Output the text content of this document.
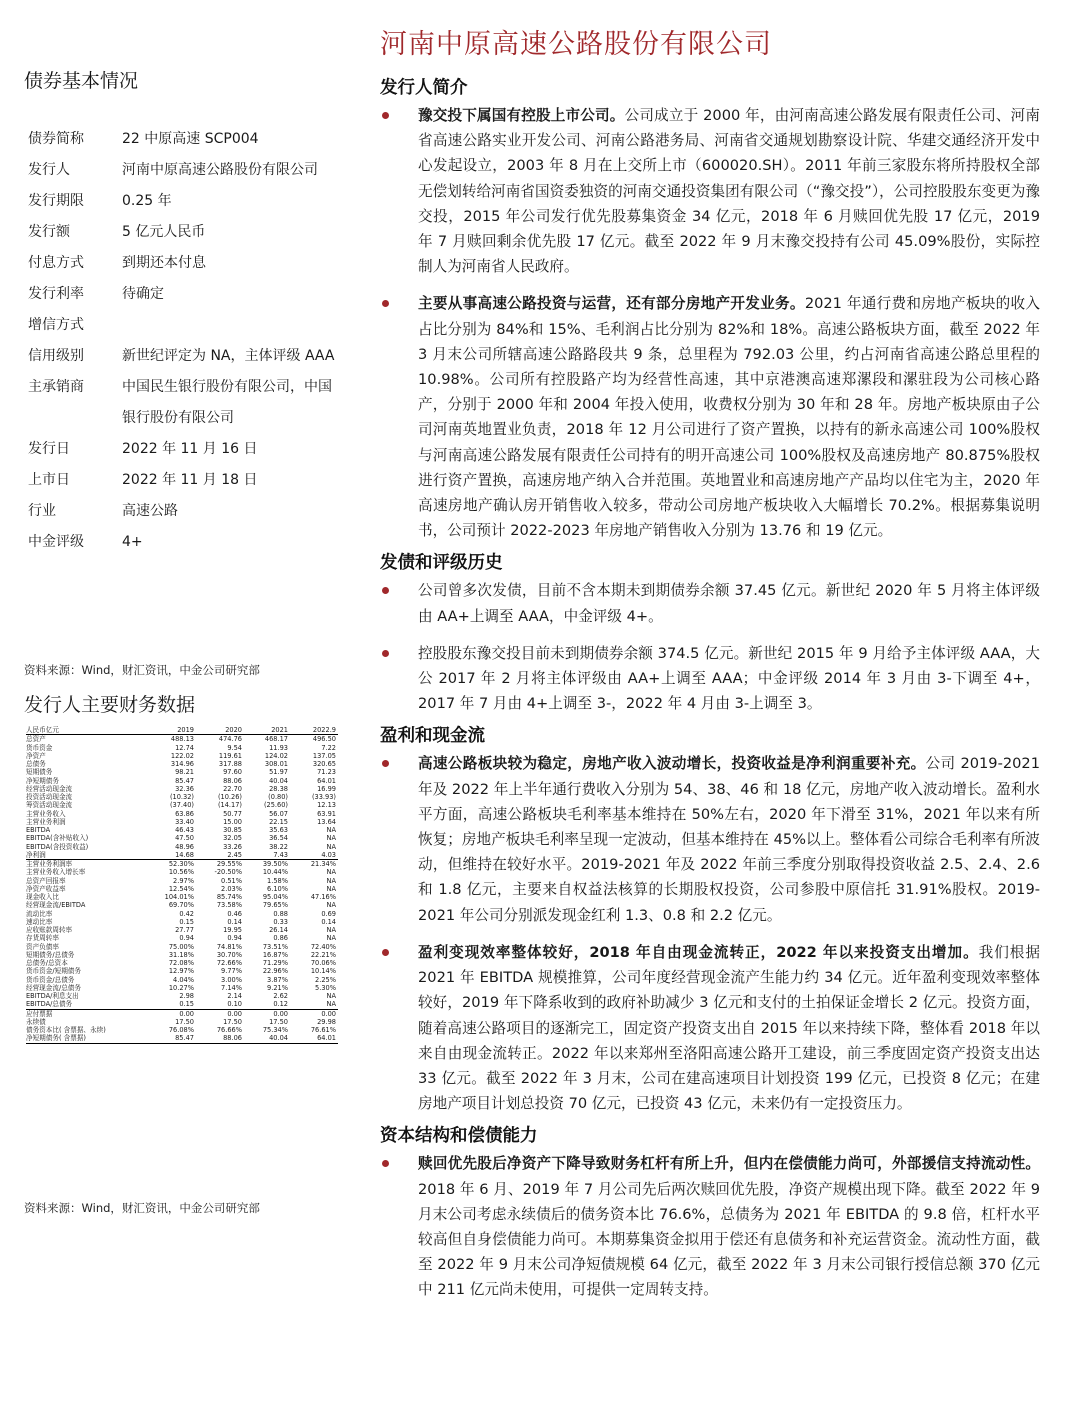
河南中原高速公路股份有限公司
债券基本情况
债券简称	22 中原高速 SCP004
发行人	河南中原高速公路股份有限公司
发行期限	0.25 年
发行额	5 亿元人民币
付息方式	到期还本付息
发行利率	待确定
增信方式	
信用级别	新世纪评定为 NA，主体评级 AAA
主承销商	中国民生银行股份有限公司，中国银行股份有限公司
发行日	2022 年 11 月 16 日
上市日	2022 年 11 月 18 日
行业	高速公路
中金评级	4+
资料来源：Wind，财汇资讯，中金公司研究部
发行人主要财务数据
人民币亿元	2019	2020	2021	2022.9
总资产	488.13	474.76	468.17	496.50
货币资金	12.74	9.54	11.93	7.22
净资产	122.02	119.61	124.02	137.05
总债务	314.96	317.88	308.01	320.65
短期债务	98.21	97.60	51.97	71.23
净短期债务	85.47	88.06	40.04	64.01
经营活动现金流	32.36	22.70	28.38	16.99
投资活动现金流	(10.32)	(10.26)	(0.80)	(33.93)
筹资活动现金流	(37.40)	(14.17)	(25.60)	12.13
主营业务收入	63.86	50.77	56.07	63.91
主营业务利润	33.40	15.00	22.15	13.64
EBITDA	46.43	30.85	35.63	NA
EBITDA(含补贴收入)	47.50	32.05	36.54	NA
EBITDA(含投资收益)	48.96	33.26	38.22	NA
净利润	14.68	2.45	7.43	4.03
主营业务利润率	52.30%	29.55%	39.50%	21.34%
主营业务收入增长率	10.56%	-20.50%	10.44%	NA
总资产回报率	2.97%	0.51%	1.58%	NA
净资产收益率	12.54%	2.03%	6.10%	NA
现金收入比	104.01%	85.74%	95.04%	47.16%
经营现金流/EBITDA	69.70%	73.58%	79.65%	NA
流动比率	0.42	0.46	0.88	0.69
速动比率	0.15	0.14	0.33	0.14
应收账款周转率	27.77	19.95	26.14	NA
存货周转率	0.94	0.94	0.86	NA
资产负债率	75.00%	74.81%	73.51%	72.40%
短期债务/总债务	31.18%	30.70%	16.87%	22.21%
总债务/总资本	72.08%	72.66%	71.29%	70.06%
货币资金/短期债务	12.97%	9.77%	22.96%	10.14%
货币资金/总债务	4.04%	3.00%	3.87%	2.25%
经营现金流/总债务	10.27%	7.14%	9.21%	5.30%
EBITDA/利息支出	2.98	2.14	2.62	NA
EBITDA/总债务	0.15	0.10	0.12	NA
应付票据	0.00	0.00	0.00	0.00
永续债	17.50	17.50	17.50	29.98
债务资本比( 含票据、永续)	76.08%	76.66%	75.34%	76.61%
净短期债务( 含票据)	85.47	88.06	40.04	64.01
资料来源：Wind，财汇资讯，中金公司研究部
发行人简介
豫交投下属国有控股上市公司。公司成立于 2000 年，由河南高速公路发展有限责任公司、河南省高速公路实业开发公司、河南公路港务局、河南省交通规划勘察设计院、华建交通经济开发中心发起设立，2003 年 8 月在上交所上市（600020.SH）。2011 年前三家股东将所持股权全部无偿划转给河南省国资委独资的河南交通投资集团有限公司（“豫交投”），公司控股股东变更为豫交投，2015 年公司发行优先股募集资金 34 亿元，2018 年 6 月赎回优先股 17 亿元，2019 年 7 月赎回剩余优先股 17 亿元。截至 2022 年 9 月末豫交投持有公司 45.09%股份，实际控制人为河南省人民政府。
主要从事高速公路投资与运营，还有部分房地产开发业务。2021 年通行费和房地产板块的收入占比分别为 84%和 15%、毛利润占比分别为 82%和 18%。高速公路板块方面，截至 2022 年 3 月末公司所辖高速公路路段共 9 条，总里程为 792.03 公里，约占河南省高速公路总里程的 10.98%。公司所有控股路产均为经营性高速，其中京港澳高速郑漯段和漯驻段为公司核心路产，分别于 2000 年和 2004 年投入使用，收费权分别为 30 年和 28 年。房地产板块原由子公司河南英地置业负责，2018 年 12 月公司进行了资产置换，以持有的新永高速公司 100%股权与河南高速公路发展有限责任公司持有的明开高速公司 100%股权及高速房地产 80.875%股权进行资产置换，高速房地产纳入合并范围。英地置业和高速房地产产品均以住宅为主，2020 年高速房地产确认房开销售收入较多，带动公司房地产板块收入大幅增长 70.2%。根据募集说明书，公司预计 2022-2023 年房地产销售收入分别为 13.76 和 19 亿元。
发债和评级历史
公司曾多次发债，目前不含本期未到期债券余额 37.45 亿元。新世纪 2020 年 5 月将主体评级由 AA+上调至 AAA，中金评级 4+。
控股股东豫交投目前未到期债券余额 374.5 亿元。新世纪 2015 年 9 月给予主体评级 AAA，大公 2017 年 2 月将主体评级由 AA+上调至 AAA；中金评级 2014 年 3 月由 3-下调至 4+，2017 年 7 月由 4+上调至 3-，2022 年 4 月由 3-上调至 3。
盈利和现金流
高速公路板块较为稳定，房地产收入波动增长，投资收益是净利润重要补充。公司 2019-2021 年及 2022 年上半年通行费收入分别为 54、38、46 和 18 亿元，房地产收入波动增长。盈利水平方面，高速公路板块毛利率基本维持在 50%左右，2020 年下滑至 31%，2021 年以来有所恢复；房地产板块毛利率呈现一定波动，但基本维持在 45%以上。整体看公司综合毛利率有所波动，但维持在较好水平。2019-2021 年及 2022 年前三季度分别取得投资收益 2.5、2.4、2.6 和 1.8 亿元，主要来自权益法核算的长期股权投资，公司参股中原信托 31.91%股权。2019-2021 年公司分别派发现金红利 1.3、0.8 和 2.2 亿元。
盈利变现效率整体较好，2018 年自由现金流转正，2022 年以来投资支出增加。我们根据 2021 年 EBITDA 规模推算，公司年度经营现金流产生能力约 34 亿元。近年盈利变现效率整体较好，2019 年下降系收到的政府补助减少 3 亿元和支付的土拍保证金增长 2 亿元。投资方面，随着高速公路项目的逐渐完工，固定资产投资支出自 2015 年以来持续下降，整体看 2018 年以来自由现金流转正。2022 年以来郑州至洛阳高速公路开工建设，前三季度固定资产投资支出达 33 亿元。截至 2022 年 3 月末，公司在建高速项目计划投资 199 亿元，已投资 8 亿元；在建房地产项目计划总投资 70 亿元，已投资 43 亿元，未来仍有一定投资压力。
资本结构和偿债能力
赎回优先股后净资产下降导致财务杠杆有所上升，但内在偿债能力尚可，外部援信支持流动性。2018 年 6 月、2019 年 7 月公司先后两次赎回优先股，净资产规模出现下降。截至 2022 年 9 月末公司考虑永续债后的债务资本比 76.6%，总债务为 2021 年 EBITDA 的 9.8 倍，杠杆水平较高但自身偿债能力尚可。本期募集资金拟用于偿还有息债务和补充运营资金。流动性方面，截至 2022 年 9 月末公司净短债规模 64 亿元，截至 2022 年 3 月末公司银行授信总额 370 亿元中 211 亿元尚未使用，可提供一定周转支持。
